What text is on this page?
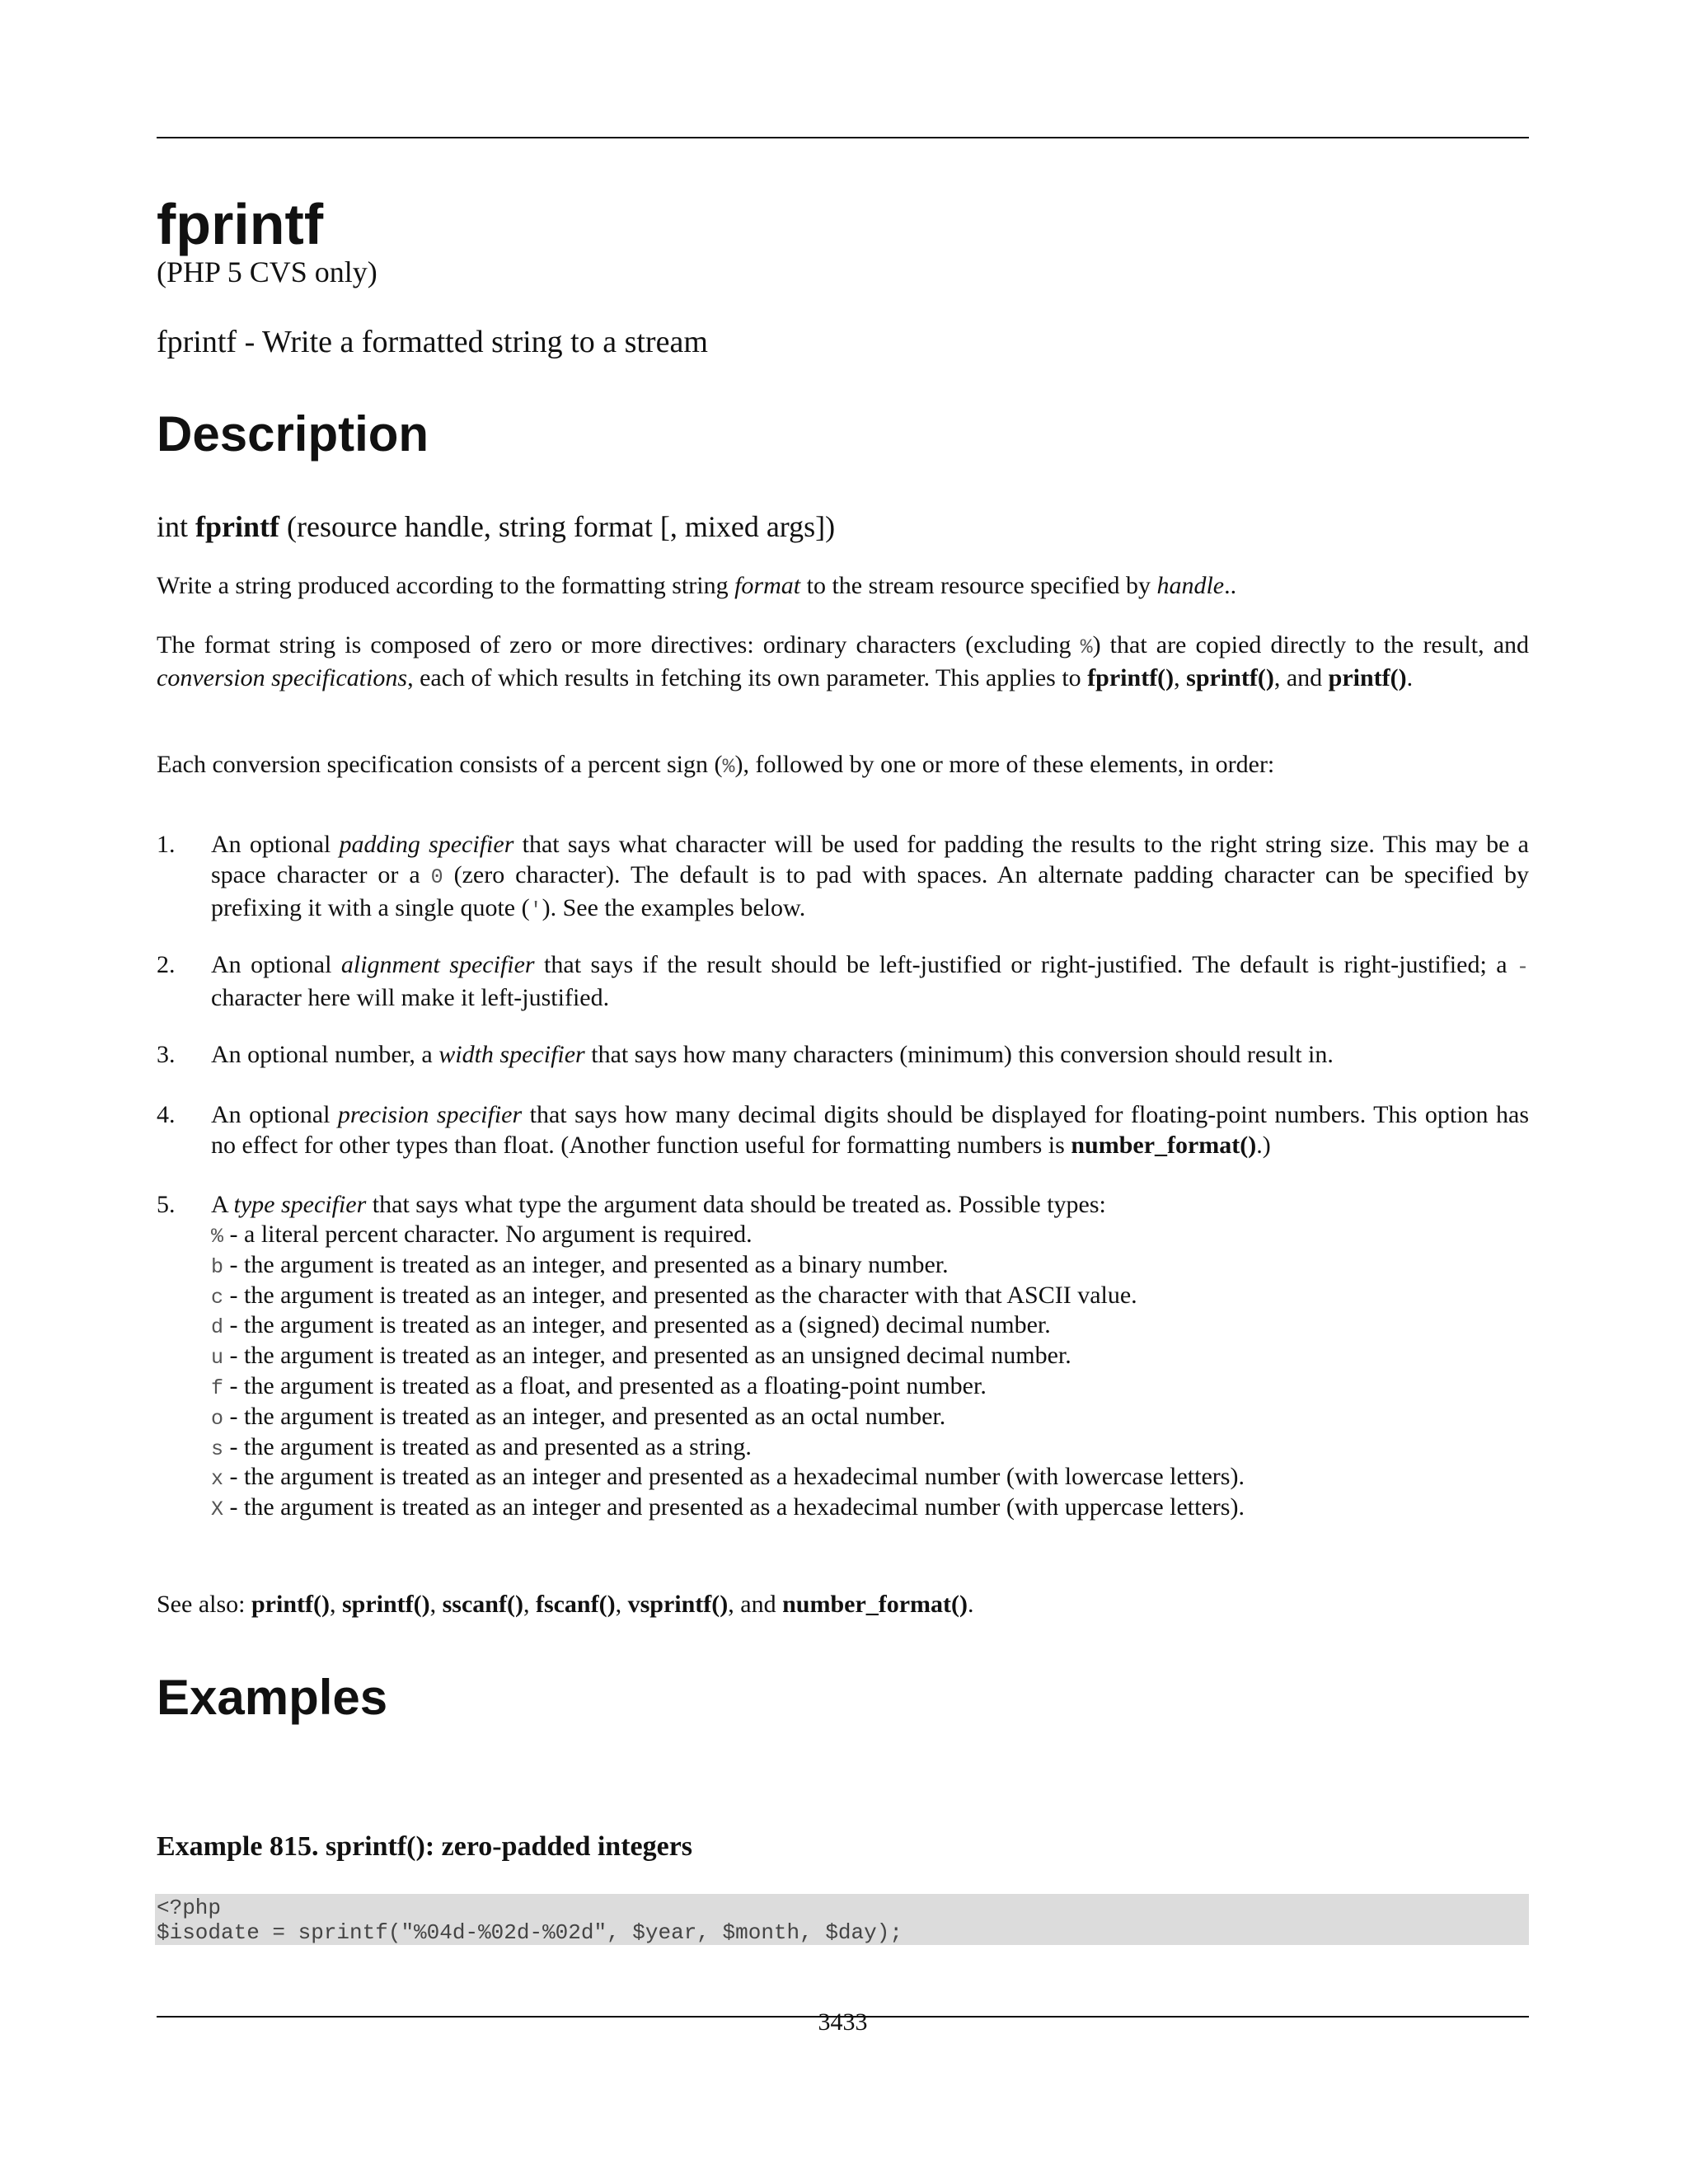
fprintf
(PHP 5 CVS only)
fprintf - Write a formatted string to a stream
Description
int fprintf (resource handle, string format [, mixed args])
Write a string produced according to the formatting string format to the stream resource specified by handle..
The format string is composed of zero or more directives: ordinary characters (excluding %) that are copied directly to the result, and conversion specifications, each of which results in fetching its own parameter. This applies to fprintf(), sprintf(), and printf().
Each conversion specification consists of a percent sign (%), followed by one or more of these elements, in order:
1. An optional padding specifier that says what character will be used for padding the results to the right string size. This may be a space character or a 0 (zero character). The default is to pad with spaces. An alternate padding character can be specified by prefixing it with a single quote ('). See the examples below.
2. An optional alignment specifier that says if the result should be left-justified or right-justified. The default is right-justified; a - character here will make it left-justified.
3. An optional number, a width specifier that says how many characters (minimum) this conversion should result in.
4. An optional precision specifier that says how many decimal digits should be displayed for floating-point numbers. This option has no effect for other types than float. (Another function useful for formatting numbers is number_format().)
5. A type specifier that says what type the argument data should be treated as. Possible types:
% - a literal percent character. No argument is required.
b - the argument is treated as an integer, and presented as a binary number.
c - the argument is treated as an integer, and presented as the character with that ASCII value.
d - the argument is treated as an integer, and presented as a (signed) decimal number.
u - the argument is treated as an integer, and presented as an unsigned decimal number.
f - the argument is treated as a float, and presented as a floating-point number.
o - the argument is treated as an integer, and presented as an octal number.
s - the argument is treated as and presented as a string.
x - the argument is treated as an integer and presented as a hexadecimal number (with lowercase letters).
X - the argument is treated as an integer and presented as a hexadecimal number (with uppercase letters).
See also: printf(), sprintf(), sscanf(), fscanf(), vsprintf(), and number_format().
Examples
Example 815. sprintf(): zero-padded integers
<?php
$isodate = sprintf("%04d-%02d-%02d", $year, $month, $day);
3433
